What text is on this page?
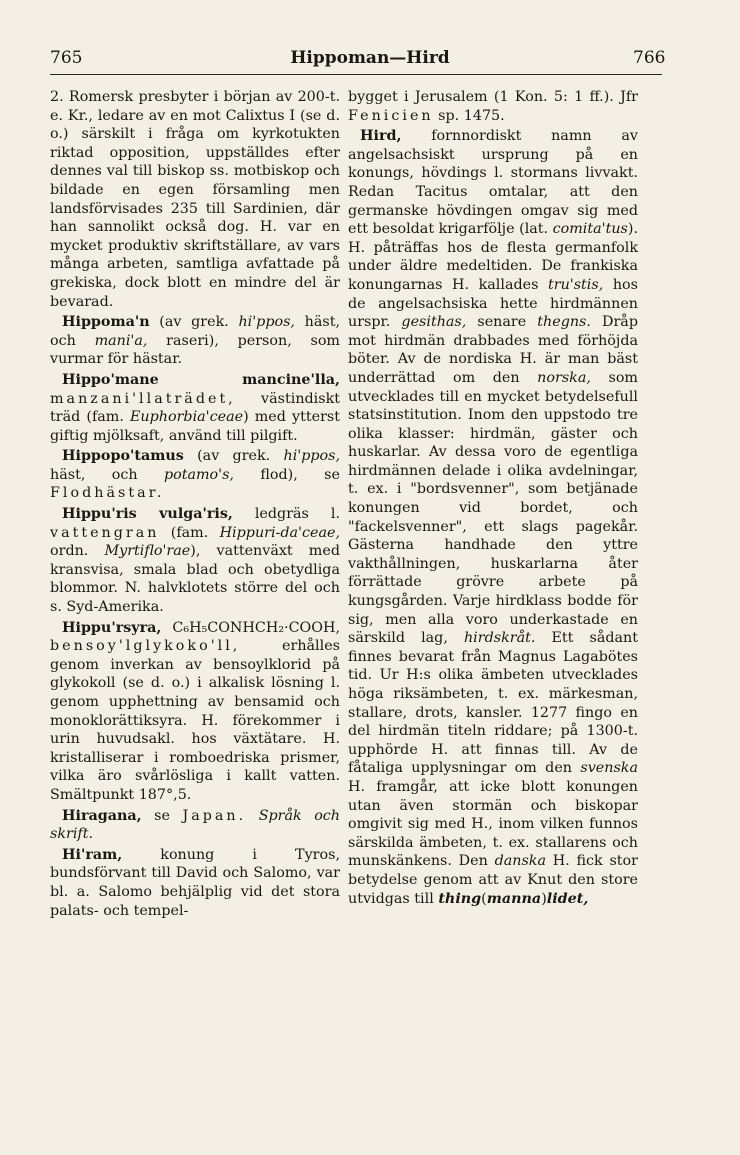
765	Hippoman—Hird	766

2. Romersk presbyter i början av 200-t. e. Kr., ledare av en mot Calixtus I (se d. o.) särskilt i fråga om kyrkotukten riktad opposition, uppställdes efter dennes val till biskop ss. motbiskop och bildade en egen församling men landsförvisades 235 till Sardinien, där han sannolikt också dog. H. var en mycket produktiv skriftställare, av vars många arbeten, samtliga avfattade på grekiska, dock blott en mindre del är bevarad.

Hippoma'n (av grek. hi'ppos, häst, och mani'a, raseri), person, som vurmar för hästar.

Hippo'mane mancine'lla, manzani'llaträdet, västindiskt träd (fam. Euphorbia'ceae) med ytterst giftig mjölksaft, använd till pilgift.

Hippopo'tamus (av grek. hi'ppos, häst, och potamo's, flod), se Flodhästar.

Hippu'ris vulga'ris, ledgräs l. vattengran (fam. Hippuri-da'ceae, ordn. Myrtiflo'rae), vattenväxt med kransvisa, smala blad och obetydliga blommor. N. halvklotets större del och s. Syd-Amerika.

Hippu'rsyra, C₆H₅CONHCH₂·COOH, bensoy'lglykoko'll, erhålles genom inverkan av bensoylklorid på glykokoll (se d. o.) i alkalisk lösning l. genom upphettning av bensamid och monoklorättiksyra. H. förekommer i urin huvudsakl. hos växtätare. H. kristalliserar i romboedriska prismer, vilka äro svårlösliga i kallt vatten. Smältpunkt 187°,5.

Hiragana, se Japan. Språk och skrift.

Hi'ram, konung i Tyros, bundsförvant till David och Salomo, var bl. a. Salomo behjälplig vid det stora palats- och tempel-

bygget i Jerusalem (1 Kon. 5: 1 ff.). Jfr Fenicien sp. 1475.

Hird, fornnordiskt namn av angelsachsiskt ursprung på en konungs, hövdings l. stormans livvakt. Redan Tacitus omtalar, att den germanske hövdingen omgav sig med ett besoldat krigarfölje (lat. comita'tus). H. påträffas hos de flesta germanfolk under äldre medeltiden. De frankiska konungarnas H. kallades tru'stis, hos de angelsachsiska hette hirdmännen urspr. gesithas, senare thegns. Dråp mot hirdmän drabbades med förhöjda böter. Av de nordiska H. är man bäst underrättad om den norska, som utvecklades till en mycket betydelsefull statsinstitution. Inom den uppstodo tre olika klasser: hirdmän, gäster och huskarlar. Av dessa voro de egentliga hirdmännen delade i olika avdelningar, t. ex. i "bordsvenner", som betjänade konungen vid bordet, och "fackelsvenner", ett slags pagekår. Gästerna handhade den yttre vakthållningen, huskarlarna åter förrättade grövre arbete på kungsgården. Varje hirdklass bodde för sig, men alla voro underkastade en särskild lag, hirdskråt. Ett sådant finnes bevarat från Magnus Lagabötes tid. Ur H:s olika ämbeten utvecklades höga riksämbeten, t. ex. märkesman, stallare, drots, kansler. 1277 fingo en del hirdmän titeln riddare; på 1300-t. upphörde H. att finnas till. Av de fåtaliga upplysningar om den svenska H. framgår, att icke blott konungen utan även stormän och biskopar omgivit sig med H., inom vilken funnos särskilda ämbeten, t. ex. stallarens och munskänkens. Den danska H. fick stor betydelse genom att av Knut den store utvidgas till thing(manna)lidet,
